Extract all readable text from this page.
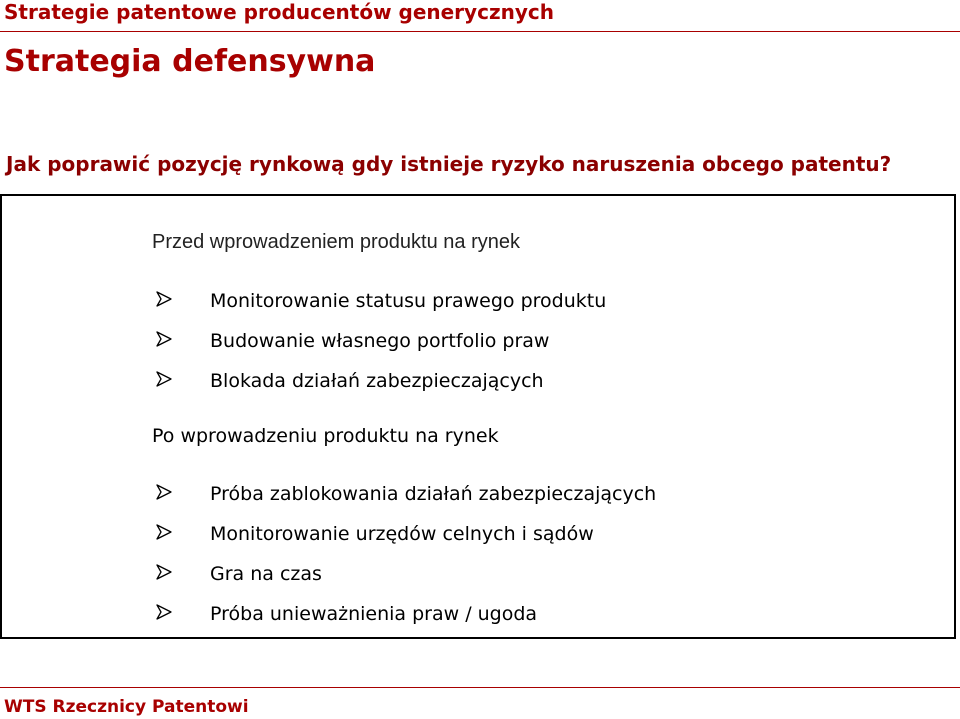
Strategie patentowe producentów generycznych
Strategia defensywna
Jak poprawić pozycję rynkową gdy istnieje ryzyko naruszenia obcego patentu?
Przed wprowadzeniem produktu na rynek
Monitorowanie statusu prawego produktu
Budowanie własnego portfolio praw
Blokada działań zabezpieczających
Po wprowadzeniu produktu na rynek
Próba zablokowania działań zabezpieczających
Monitorowanie urzędów celnych i sądów
Gra na czas
Próba unieważnienia praw / ugoda
WTS Rzecznicy Patentowi
